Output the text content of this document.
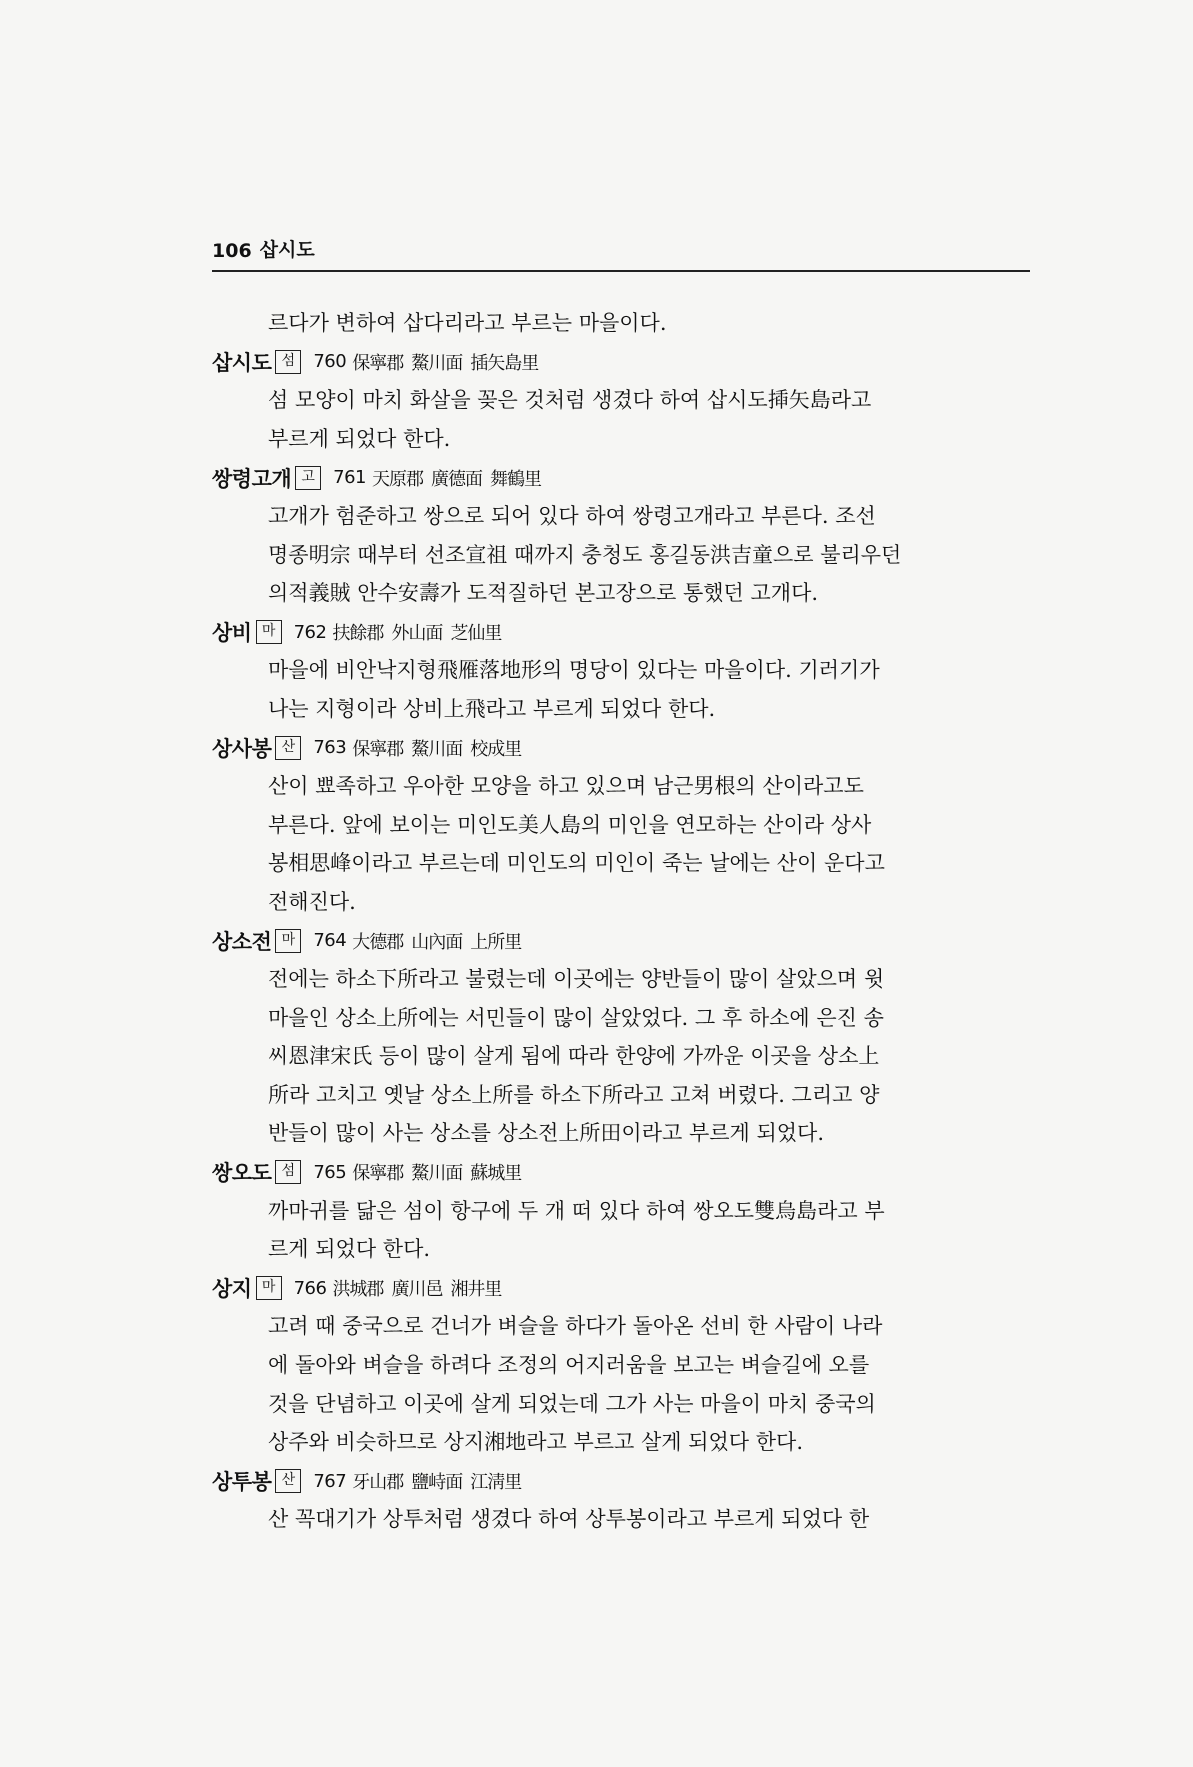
106 삽시도

르다가 변하여 삽다리라고 부르는 마을이다.

삽시도 섬	760 保寧郡 鰲川面 插矢島里

섬 모양이 마치 화살을 꽂은 것처럼 생겼다 하여 삽시도揷矢島라고

부르게 되었다 한다.

쌍령고개 고	761 天原郡 廣德面 舞鶴里

고개가 험준하고 쌍으로 되어 있다 하여 쌍령고개라고 부른다. 조선

명종明宗 때부터 선조宣祖 때까지 충청도 홍길동洪吉童으로 불리우던

의적義賊 안수安壽가 도적질하던 본고장으로 통했던 고개다.

상비 마	762 扶餘郡 外山面 芝仙里

마을에 비안낙지형飛雁落地形의 명당이 있다는 마을이다. 기러기가

나는 지형이라 상비上飛라고 부르게 되었다 한다.

상사봉 산	763 保寧郡 鰲川面 校成里

산이 뾰족하고 우아한 모양을 하고 있으며 남근男根의 산이라고도

부른다. 앞에 보이는 미인도美人島의 미인을 연모하는 산이라 상사

봉相思峰이라고 부르는데 미인도의 미인이 죽는 날에는 산이 운다고

전해진다.

상소전 마	764 大德郡 山內面 上所里

전에는 하소下所라고 불렸는데 이곳에는 양반들이 많이 살았으며 윗

마을인 상소上所에는 서민들이 많이 살았었다. 그 후 하소에 은진 송

씨恩津宋氏 등이 많이 살게 됨에 따라 한양에 가까운 이곳을 상소上

所라 고치고 옛날 상소上所를 하소下所라고 고쳐 버렸다. 그리고 양

반들이 많이 사는 상소를 상소전上所田이라고 부르게 되었다.

쌍오도 섬	765 保寧郡 鰲川面 蘇城里

까마귀를 닮은 섬이 항구에 두 개 떠 있다 하여 쌍오도雙烏島라고 부

르게 되었다 한다.

상지 마	766 洪城郡 廣川邑 湘井里

고려 때 중국으로 건너가 벼슬을 하다가 돌아온 선비 한 사람이 나라

에 돌아와 벼슬을 하려다 조정의 어지러움을 보고는 벼슬길에 오를

것을 단념하고 이곳에 살게 되었는데 그가 사는 마을이 마치 중국의

상주와 비슷하므로 상지湘地라고 부르고 살게 되었다 한다.

상투봉 산	767 牙山郡 鹽峙面 江淸里

산 꼭대기가 상투처럼 생겼다 하여 상투봉이라고 부르게 되었다 한
